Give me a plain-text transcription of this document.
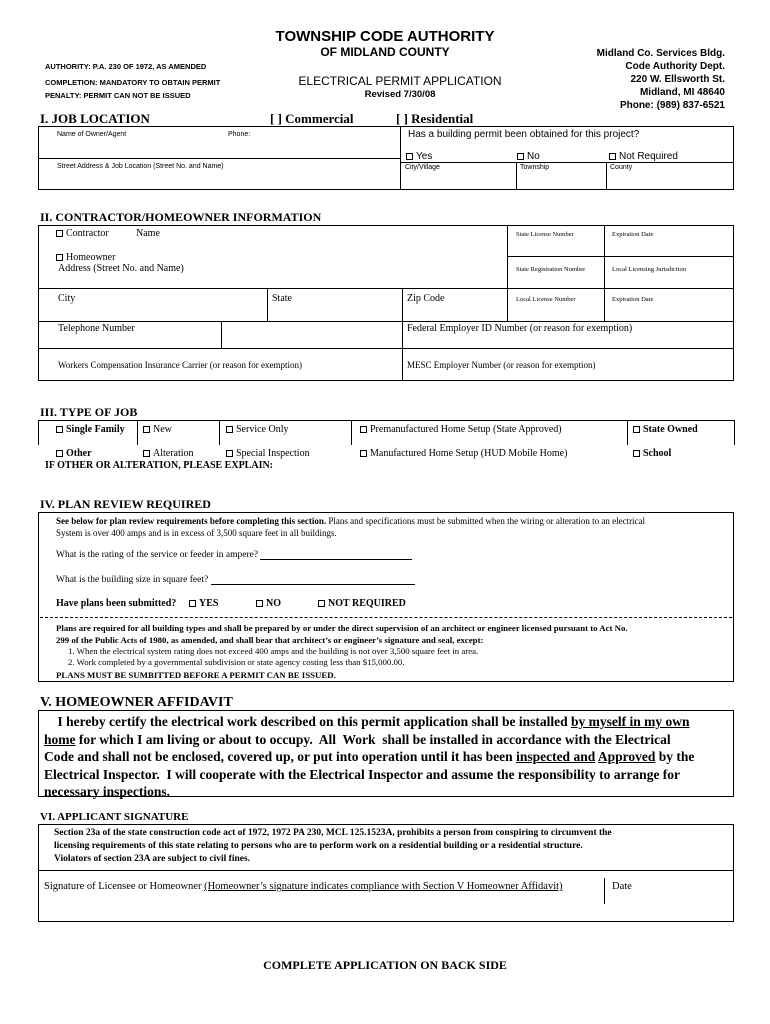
TOWNSHIP CODE AUTHORITY
OF MIDLAND COUNTY
AUTHORITY: P.A. 230 OF 1972, AS AMENDED
COMPLETION: MANDATORY TO OBTAIN PERMIT
PENALTY: PERMIT CAN NOT BE ISSUED
ELECTRICAL PERMIT APPLICATION
Revised 7/30/08
Midland Co. Services Bldg.
Code Authority Dept.
220 W. Ellsworth St.
Midland, MI 48640
Phone: (989) 837-6521
I. JOB LOCATION	[ ] Commercial	[ ] Residential
Name of Owner/Agent	Phone:	Has a building permit been obtained for this project?
Yes	No	Not Required
Street Address & Job Location (Street No. and Name)	City/Village	Township	County
II. CONTRACTOR/HOMEOWNER INFORMATION
Contractor	Name	State License Number	Expiration Date
Homeowner
Address (Street No. and Name)	State Registration Number	Local Licensing Jurisdiction
City	State	Zip Code	Local License Number	Expiration Date
Telephone Number	Federal Employer ID Number (or reason for exemption)
Workers Compensation Insurance Carrier (or reason for exemption)	MESC Employer Number (or reason for exemption)
III. TYPE OF JOB
Single Family	New	Service Only	Premanufactured Home Setup (State Approved)	State Owned
Other	Alteration	Special Inspection	Manufactured Home Setup (HUD Mobile Home)	School
IF OTHER OR ALTERATION, PLEASE EXPLAIN:
IV. PLAN REVIEW REQUIRED
See below for plan review requirements before completing this section. Plans and specifications must be submitted when the wiring or alteration to an electrical
System is over 400 amps and is in excess of 3,500 square feet in all buildings.
What is the rating of the service or feeder in ampere?
What is the building size in square feet?
Have plans been submitted?	YES	NO	NOT REQUIRED
Plans are required for all building types and shall be prepared by or under the direct supervision of an architect or engineer licensed pursuant to Act No.
299 of the Public Acts of 1980, as amended, and shall bear that architect’s or engineer’s signature and seal, except:
1. When the electrical system rating does not exceed 400 amps and the building is not over 3,500 square feet in area.
2. Work completed by a governmental subdivision or state agency costing less than $15,000.00.
PLANS MUST BE SUMBITTED BEFORE A PERMIT CAN BE ISSUED.
V. HOMEOWNER AFFIDAVIT
I hereby certify the electrical work described on this permit application shall be installed by myself in my own
home for which I am living or about to occupy.  All  Work  shall be installed in accordance with the Electrical
Code and shall not be enclosed, covered up, or put into operation until it has been inspected and Approved by the
Electrical Inspector.  I will cooperate with the Electrical Inspector and assume the responsibility to arrange for
necessary inspections.
VI. APPLICANT SIGNATURE
Section 23a of the state construction code act of 1972, 1972 PA 230, MCL 125.1523A, prohibits a person from conspiring to circumvent the
licensing requirements of this state relating to persons who are to perform work on a residential building or a residential structure.
Violators of section 23A are subject to civil fines.
Signature of Licensee or Homeowner (Homeowner’s signature indicates compliance with Section V Homeowner Affidavit)	Date
COMPLETE APPLICATION ON BACK SIDE
